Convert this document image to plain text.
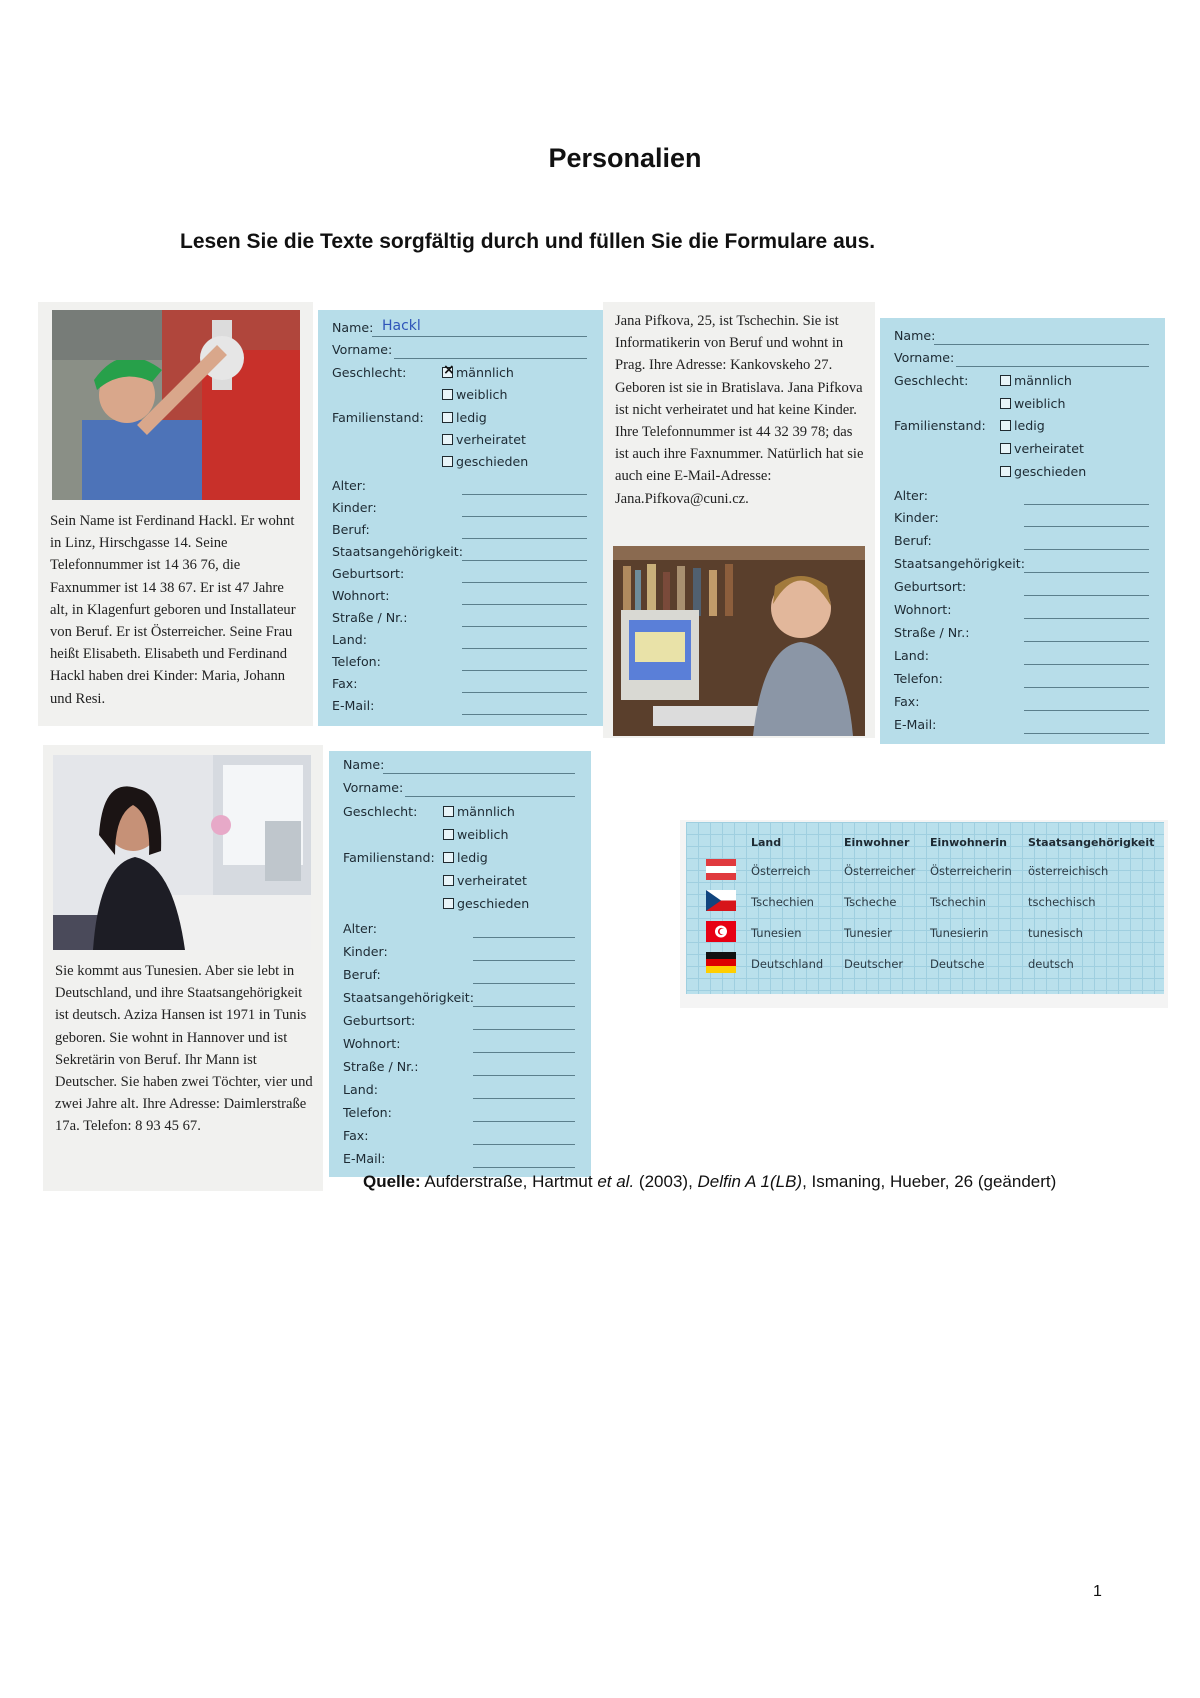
Personalien
Lesen Sie die Texte sorgfältig durch und füllen Sie die Formulare aus.
Sein Name ist Ferdinand Hackl. Er wohnt in Linz, Hirschgasse 14. Seine Telefonnummer ist 14 36 76, die Faxnummer ist 14 38 67. Er ist 47 Jahre alt, in Klagenfurt geboren und Installateur von Beruf. Er ist Österreicher. Seine Frau heißt Elisabeth. Elisabeth und Ferdinand Hackl haben drei Kinder: Maria, Johann und Resi.
Name: Hackl
Vorname:
Geschlecht:
×	männlich
weiblich
Familienstand:	ledig
verheiratet
geschieden
Alter:
Kinder:
Beruf:
Staatsangehörigkeit:
Geburtsort:
Wohnort:
Straße / Nr.:
Land:
Telefon:
Fax:
E-Mail:
Jana Pifkova, 25, ist Tschechin. Sie ist Informatikerin von Beruf und wohnt in Prag. Ihre Adresse: Kankovskeho 27. Geboren ist sie in Bratislava. Jana Pifkova ist nicht verheiratet und hat keine Kinder. Ihre Telefonnummer ist 44 32 39 78; das ist auch ihre Faxnummer. Natürlich hat sie auch eine E-Mail-Adresse: Jana.Pifkova@cuni.cz.
Name:
Vorname:
Geschlecht:	männlich
weiblich
Familienstand:	ledig
verheiratet
geschieden
Alter:
Kinder:
Beruf:
Staatsangehörigkeit:
Geburtsort:
Wohnort:
Straße / Nr.:
Land:
Telefon:
Fax:
E-Mail:
Sie kommt aus Tunesien. Aber sie lebt in Deutschland, und ihre Staatsangehörigkeit ist deutsch. Aziza Hansen ist 1971 in Tunis geboren. Sie wohnt in Hannover und ist Sekretärin von Beruf. Ihr Mann ist Deutscher. Sie haben zwei Töchter, vier und zwei Jahre alt. Ihre Adresse: Daimlerstraße 17a. Telefon: 8 93 45 67.
Name:
Vorname:
Geschlecht:	männlich
weiblich
Familienstand:	ledig
verheiratet
geschieden
Alter:
Kinder:
Beruf:
Staatsangehörigkeit:
Geburtsort:
Wohnort:
Straße / Nr.:
Land:
Telefon:
Fax:
E-Mail:
Land	Einwohner Einwohnerin Staatsangehörigkeit
Österreich	Österreicher Österreicherin österreichisch
Tschechien	Tscheche	Tschechin	tschechisch
Tunesien	Tunesier	Tunesierin	tunesisch
Deutschland Deutscher Deutsche	deutsch
Quelle: Aufderstraße, Hartmut et al. (2003), Delfin A 1(LB), Ismaning, Hueber, 26 (geändert)
1
